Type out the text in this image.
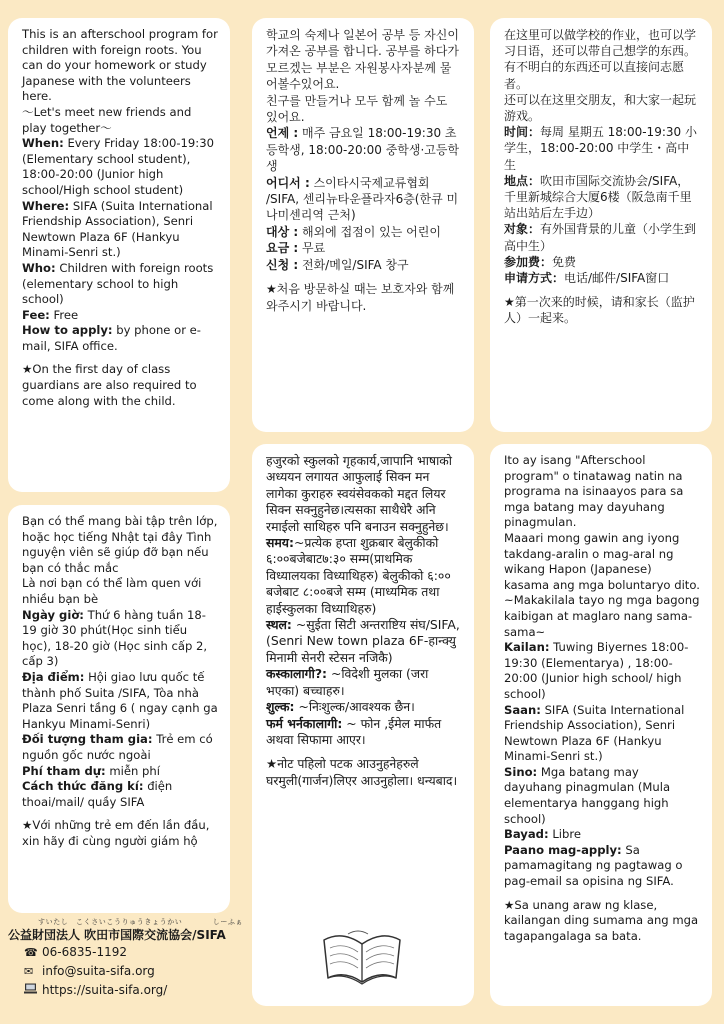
This is an afterschool program for children with foreign roots. You can do your homework or study Japanese with the volunteers here.

～Let's meet new friends and play together～

When: Every Friday 18:00-19:30 (Elementary school student), 18:00-20:00 (Junior high school/High school student)

Where: SIFA (Suita International Friendship Association), Senri Newtown Plaza 6F (Hankyu Minami-Senri st.)

Who: Children with foreign roots (elementary school to high school)

Fee: Free

How to apply: by phone or e-mail, SIFA office.

★On the first day of class guardians are also required to come along with the child.

학교의 숙제나 일본어 공부 등 자신이 가져온 공부를 합니다. 공부를 하다가 모르겠는 부분은 자원봉사자분께 물어볼수있어요.

친구를 만들거나 모두 함께 놀 수도 있어요.

언제 : 매주 금요일 18:00-19:30 초등학생, 18:00-20:00 중학생·고등학생

어디서 : 스이타시국제교류협회 /SIFA, 센리뉴타운플라자6층(한큐 미나미센리역 근처)

대상 : 해외에 접점이 있는 어린이

요금 : 무료

신청 : 전화/메일/SIFA 창구

★처음 방문하실 때는 보호자와 함께 와주시기 바랍니다.

在这里可以做学校的作业，也可以学习日语，还可以带自己想学的东西。

有不明白的东西还可以直接问志愿者。

还可以在这里交朋友，和大家一起玩游戏。

时间：每周 星期五 18:00-19:30 小学生，18:00-20:00 中学生・高中生

地点：吹田市国际交流协会/SIFA，千里新城综合大厦6楼（阪急南千里站出站后左手边）

对象：有外国背景的儿童（小学生到高中生）

参加费：免费

申请方式：电话/邮件/SIFA窗口

★第一次来的时候，请和家长（监护人）一起来。

Bạn có thể mang bài tập trên lớp, hoặc học tiếng Nhật tại đây Tình nguyện viên sẽ giúp đỡ bạn nếu bạn có thắc mắc

Là nơi bạn có thể làm quen với nhiều bạn bè

Ngày giờ: Thứ 6 hàng tuần 18-19 giờ 30 phút(Học sinh tiểu học), 18-20 giờ (Học sinh cấp 2, cấp 3)

Địa điểm: Hội giao lưu quốc tế thành phố Suita /SIFA, Tòa nhà Plaza Senri tầng 6 ( ngay cạnh ga Hankyu Minami-Senri)

Đối tượng tham gia: Trẻ em có nguồn gốc nước ngoài

Phí tham dự: miễn phí

Cách thức đăng kí: điện thoai/mail/ quầy SIFA

★Với những trẻ em đến lần đầu, xin hãy đi cùng người giám hộ

हजुरको स्कुलको गृहकार्य,जापानि भाषाको अध्ययन लगायत आफुलाई सिक्न मन लागेका कुराहरु स्वयंसेवकको मद्दत लियर सिक्न सक्नुहुनेछ।त्यसका साथैधेरै अनि रमाईलो साथिहरु पनि बनाउन सक्नुहुनेछ।

समय:~प्रत्येक हप्ता शुक्रबार बेलुकीको ६:००बजेबाट७:३० सम्म(प्राथमिक विध्यालयका विध्याथिहरु) बेलुकीको ६:०० बजेबाट ८:००बजे सम्म (माध्यमिक तथा हाईस्कुलका विध्याथिहरु)

स्थल: ~सुईता सिटी अन्तराष्टिय संघ/SIFA, (Senri New town plaza 6F-हान्क्यु मिनामी सेनरी स्टेसन नजिकै)

कस्कालागी?: ~विदेशी मुलका (जरा भएका) बच्चाहरु।

शुल्क: ~निःशुल्क/आवश्यक छैन।

फर्म भर्नकालागी: ~ फोन ,ईमेल मार्फत अथवा सिफामा आएर।

★नोट पहिलो पटक आउनुहनेहरुले घरमुली(गार्जन)लिएर आउनुहोला। धन्यबाद।

Ito ay isang "Afterschool program" o tinatawag natin na programa na isinaayos para sa mga batang may dayuhang pinagmulan.

Maaari mong gawin ang iyong takdang-aralin o mag-aral ng wikang Hapon (Japanese) kasama ang mga boluntaryo dito.

~Makakilala tayo ng mga bagong kaibigan at maglaro nang sama-sama~

Kailan: Tuwing Biyernes 18:00-19:30 (Elementarya) , 18:00-20:00 (Junior high school/ high school)

Saan: SIFA (Suita International Friendship Association), Senri Newtown Plaza 6F (Hankyu Minami-Senri st.)

Sino: Mga batang may dayuhang pinagmulan (Mula elementarya hanggang high school)

Bayad: Libre

Paano mag-apply: Sa pamamagitang ng pagtawag o pag-email sa opisina ng SIFA.

★Sa unang araw ng klase, kailangan ding sumama ang mga tagapangalaga sa bata.

すいたし　こくさいこうりゅうきょうかい　　　　しーふぁ
公益財団法人 吹田市国際交流協会/SIFA
☎ 06-6835-1192
✉ info@suita-sifa.org
https://suita-sifa.org/
